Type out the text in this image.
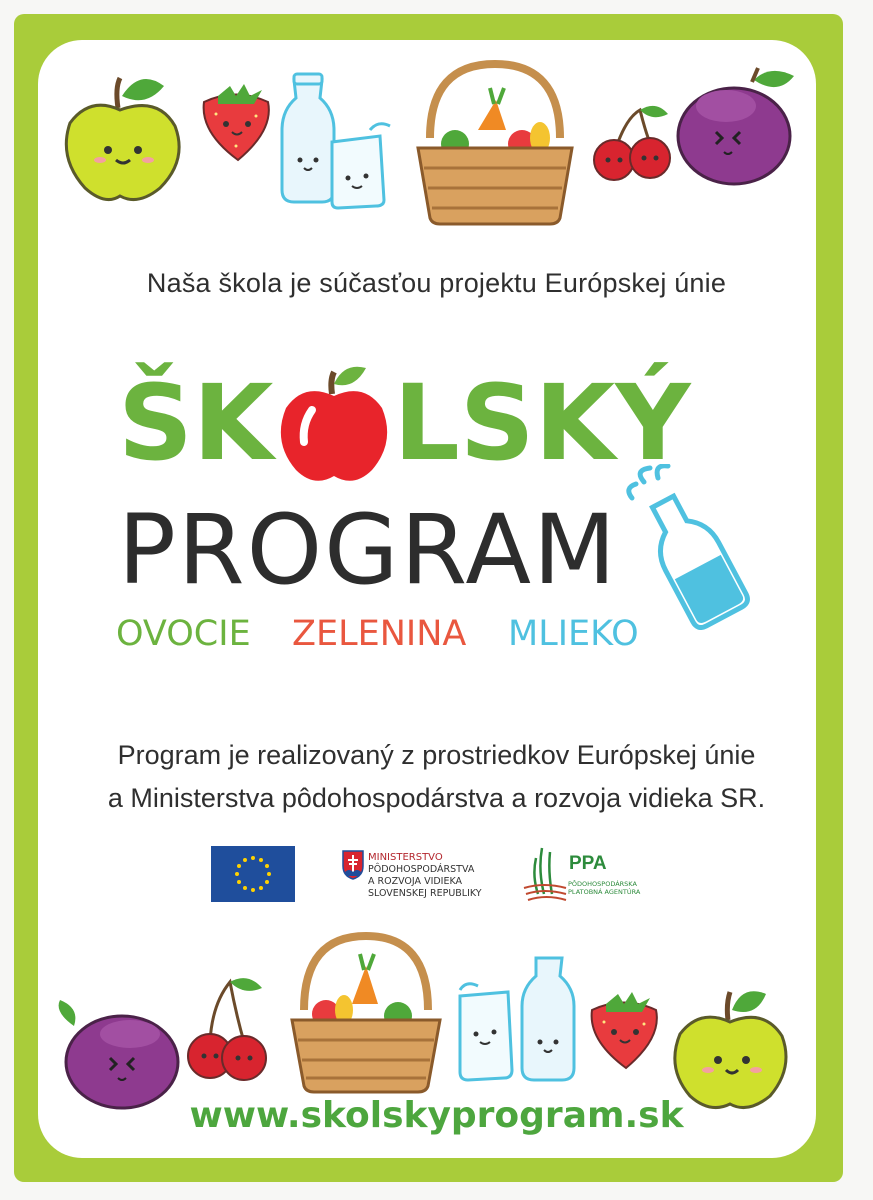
Naša škola je súčasťou projektu Európskej únie
ŠK LSKÝ
PROGRAM
OVOCIE ZELENINA MLIEKO
Program je realizovaný z prostriedkov Európskej únie
a Ministerstva pôdohospodárstva a rozvoja vidieka SR.
MINISTERSTVO
PÔDOHOSPODÁRSTVA
A ROZVOJA VIDIEKA
SLOVENSKEJ REPUBLIKY
PPA
PÔDOHOSPODÁRSKA
PLATOBNÁ AGENTÚRA
www.skolskyprogram.sk
